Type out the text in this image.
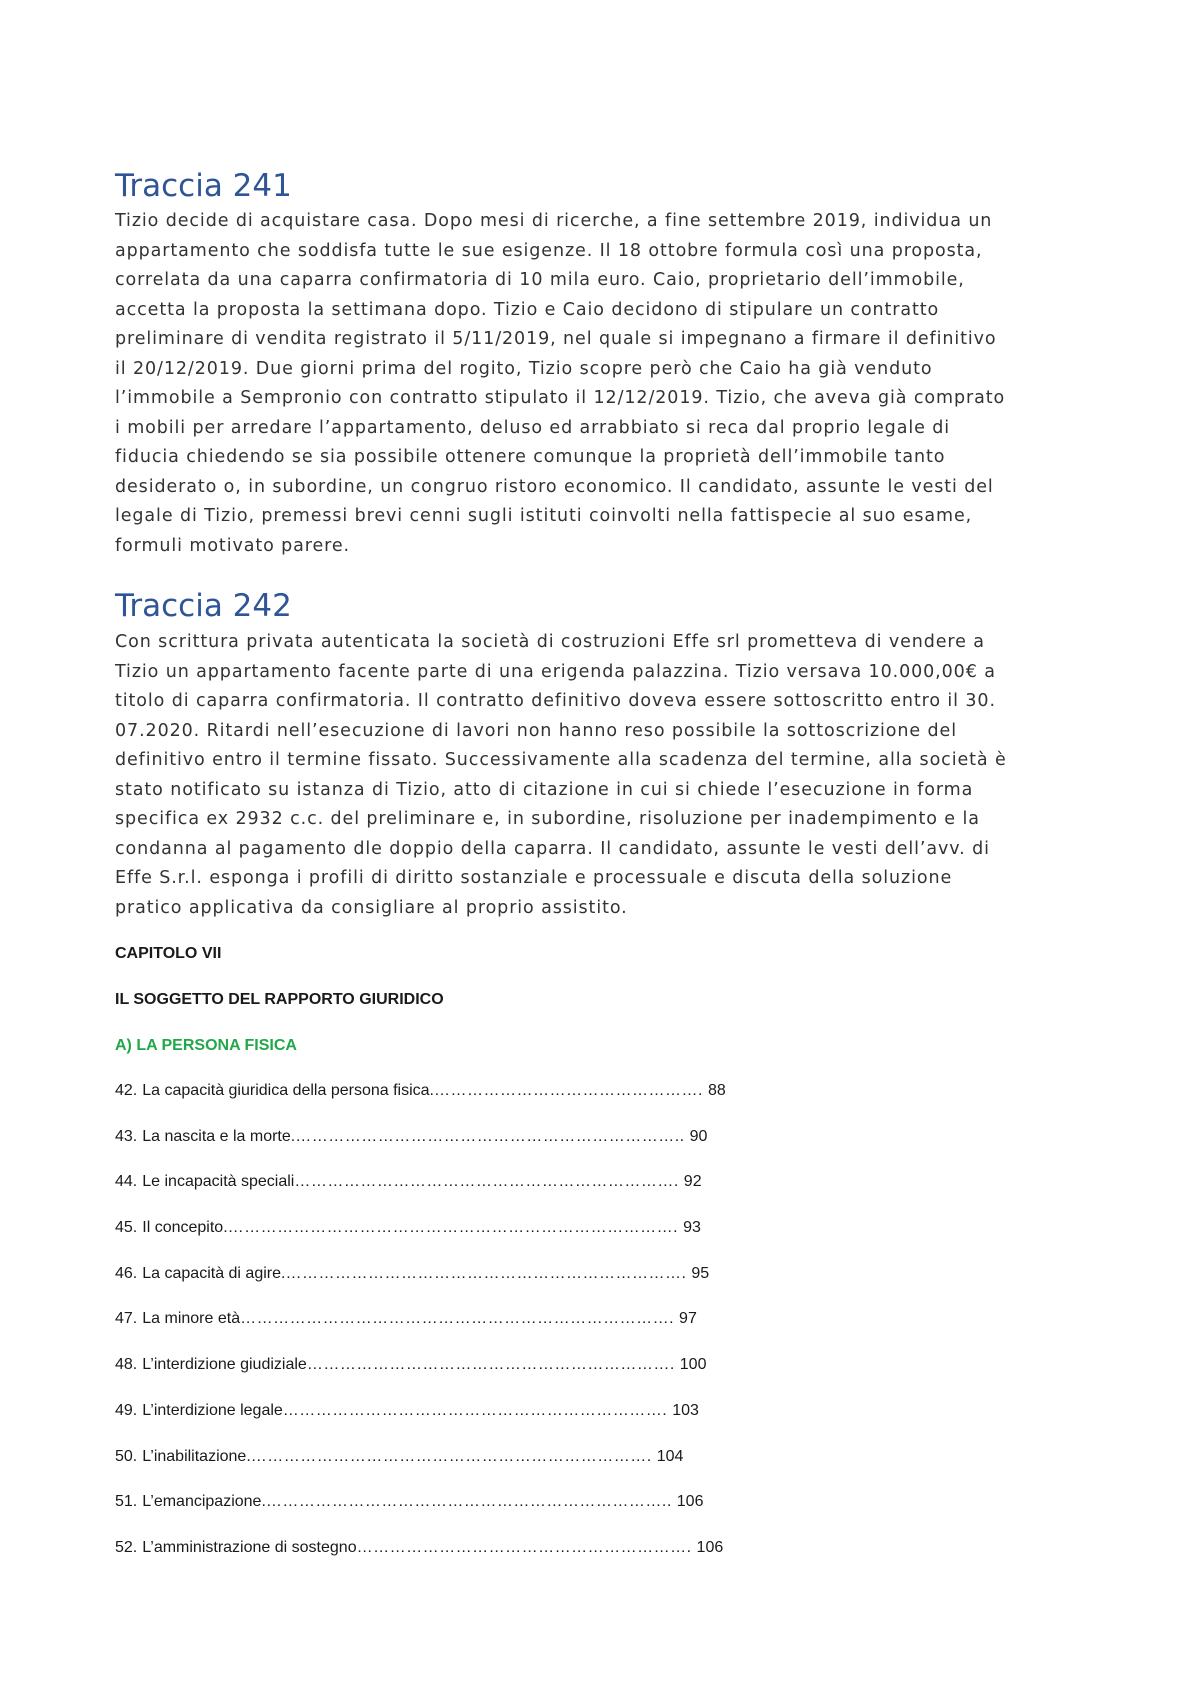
Traccia 241

Tizio decide di acquistare casa. Dopo mesi di ricerche, a fine settembre 2019, individua un
appartamento che soddisfa tutte le sue esigenze. Il 18 ottobre formula così una proposta,
correlata da una caparra confirmatoria di 10 mila euro. Caio, proprietario dell’immobile,
accetta la proposta la settimana dopo. Tizio e Caio decidono di stipulare un contratto
preliminare di vendita registrato il 5/11/2019, nel quale si impegnano a firmare il definitivo
il 20/12/2019. Due giorni prima del rogito, Tizio scopre però che Caio ha già venduto
l’immobile a Sempronio con contratto stipulato il 12/12/2019. Tizio, che aveva già comprato
i mobili per arredare l’appartamento, deluso ed arrabbiato si reca dal proprio legale di
fiducia chiedendo se sia possibile ottenere comunque la proprietà dell’immobile tanto
desiderato o, in subordine, un congruo ristoro economico. Il candidato, assunte le vesti del
legale di Tizio, premessi brevi cenni sugli istituti coinvolti nella fattispecie al suo esame,
formuli motivato parere.

Traccia 242

Con scrittura privata autenticata la società di costruzioni Effe srl prometteva di vendere a
Tizio un appartamento facente parte di una erigenda palazzina. Tizio versava 10.000,00€ a
titolo di caparra confirmatoria. Il contratto definitivo doveva essere sottoscritto entro il 30.
07.2020. Ritardi nell’esecuzione di lavori non hanno reso possibile la sottoscrizione del
definitivo entro il termine fissato. Successivamente alla scadenza del termine, alla società è
stato notificato su istanza di Tizio, atto di citazione in cui si chiede l’esecuzione in forma
specifica ex 2932 c.c. del preliminare e, in subordine, risoluzione per inadempimento e la
condanna al pagamento dle doppio della caparra. Il candidato, assunte le vesti dell’avv. di
Effe S.r.l. esponga i profili di diritto sostanziale e processuale e discuta della soluzione
pratico applicativa da consigliare al proprio assistito.

CAPITOLO VII
IL SOGGETTO DEL RAPPORTO GIURIDICO
A) LA PERSONA FISICA
42. La capacità giuridica della persona fisica. …………………………………………. 88
43. La nascita e la morte. …………………………………………………………….. 90
44. Le incapacità speciali ……………………………………………………………. 92
45. Il concepito. ………………………………………………………………………. 93
46. La capacità di agire. ………………………………………………………………. 95
47. La minore età ……………………………………………………………………. 97
48. L’interdizione giudiziale …………………………………………………………. 100
49. L’interdizione legale ……………………………………………………………. 103
50. L’inabilitazione. ………………………………………………………………. 104
51. L’emancipazione. ……………………………………………………………….. 106
52. L’amministrazione di sostegno ……………………………………………………. 106
